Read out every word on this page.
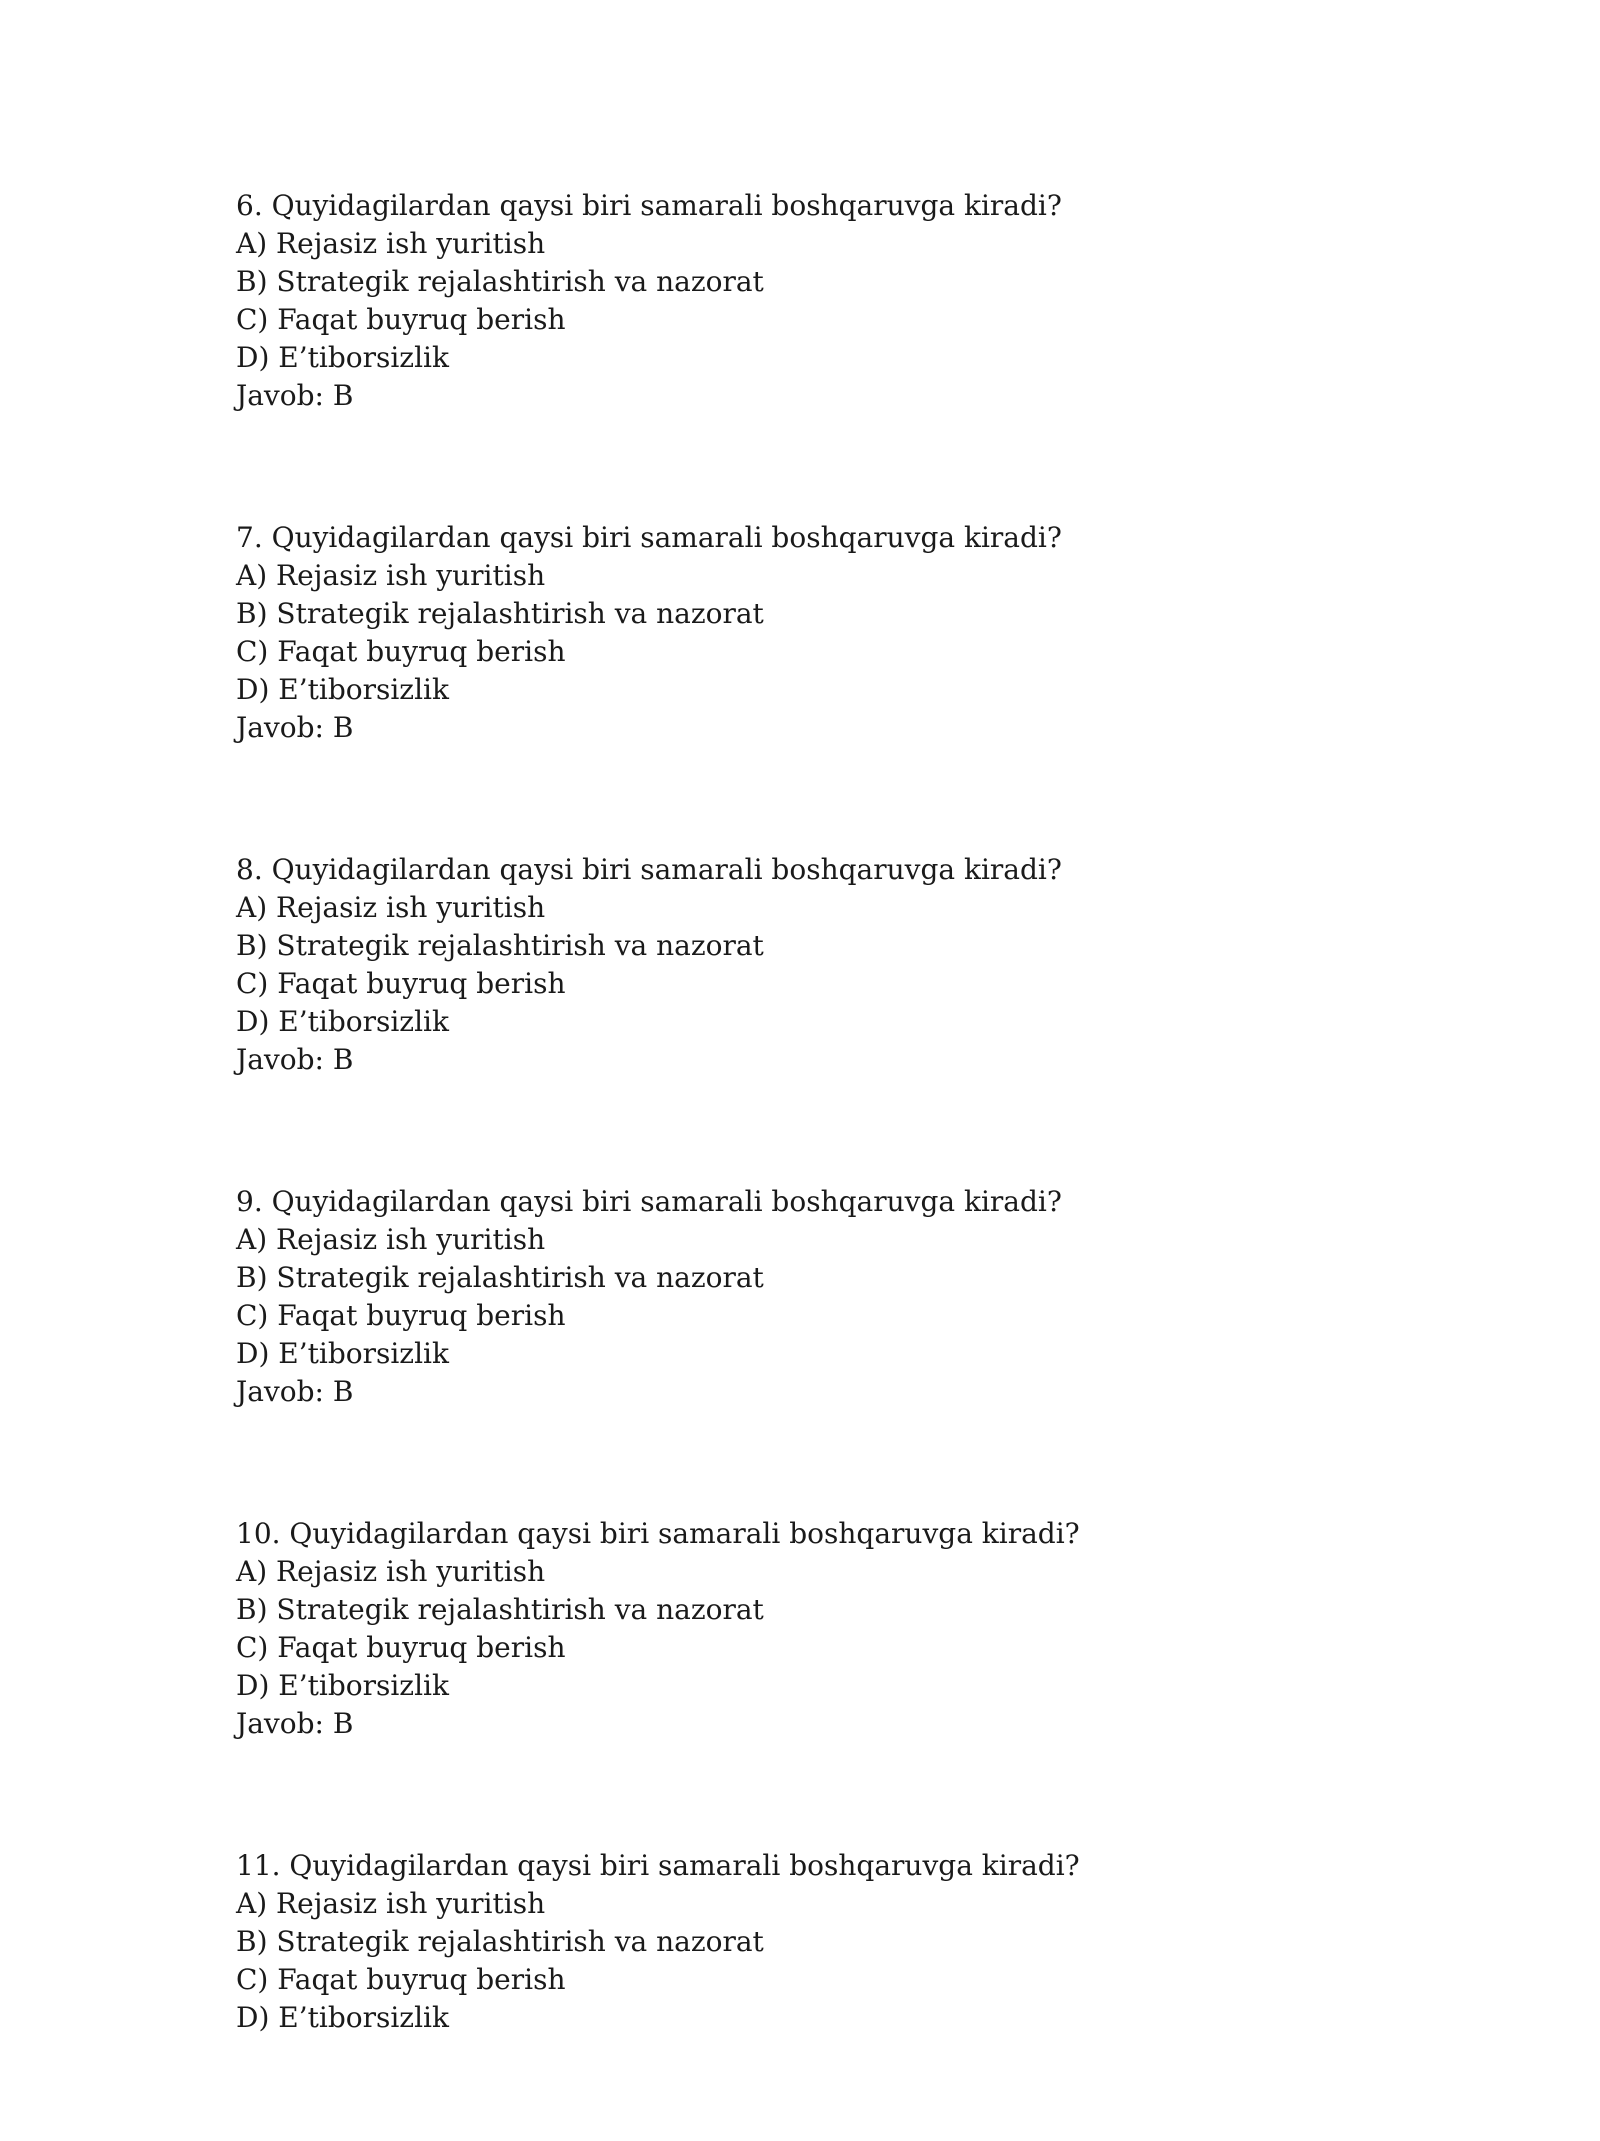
6. Quyidagilardan qaysi biri samarali boshqaruvga kiradi?
A) Rejasiz ish yuritish
B) Strategik rejalashtirish va nazorat
C) Faqat buyruq berish
D) E’tiborsizlik
Javob: B
7. Quyidagilardan qaysi biri samarali boshqaruvga kiradi?
A) Rejasiz ish yuritish
B) Strategik rejalashtirish va nazorat
C) Faqat buyruq berish
D) E’tiborsizlik
Javob: B
8. Quyidagilardan qaysi biri samarali boshqaruvga kiradi?
A) Rejasiz ish yuritish
B) Strategik rejalashtirish va nazorat
C) Faqat buyruq berish
D) E’tiborsizlik
Javob: B
9. Quyidagilardan qaysi biri samarali boshqaruvga kiradi?
A) Rejasiz ish yuritish
B) Strategik rejalashtirish va nazorat
C) Faqat buyruq berish
D) E’tiborsizlik
Javob: B
10. Quyidagilardan qaysi biri samarali boshqaruvga kiradi?
A) Rejasiz ish yuritish
B) Strategik rejalashtirish va nazorat
C) Faqat buyruq berish
D) E’tiborsizlik
Javob: B
11. Quyidagilardan qaysi biri samarali boshqaruvga kiradi?
A) Rejasiz ish yuritish
B) Strategik rejalashtirish va nazorat
C) Faqat buyruq berish
D) E’tiborsizlik
